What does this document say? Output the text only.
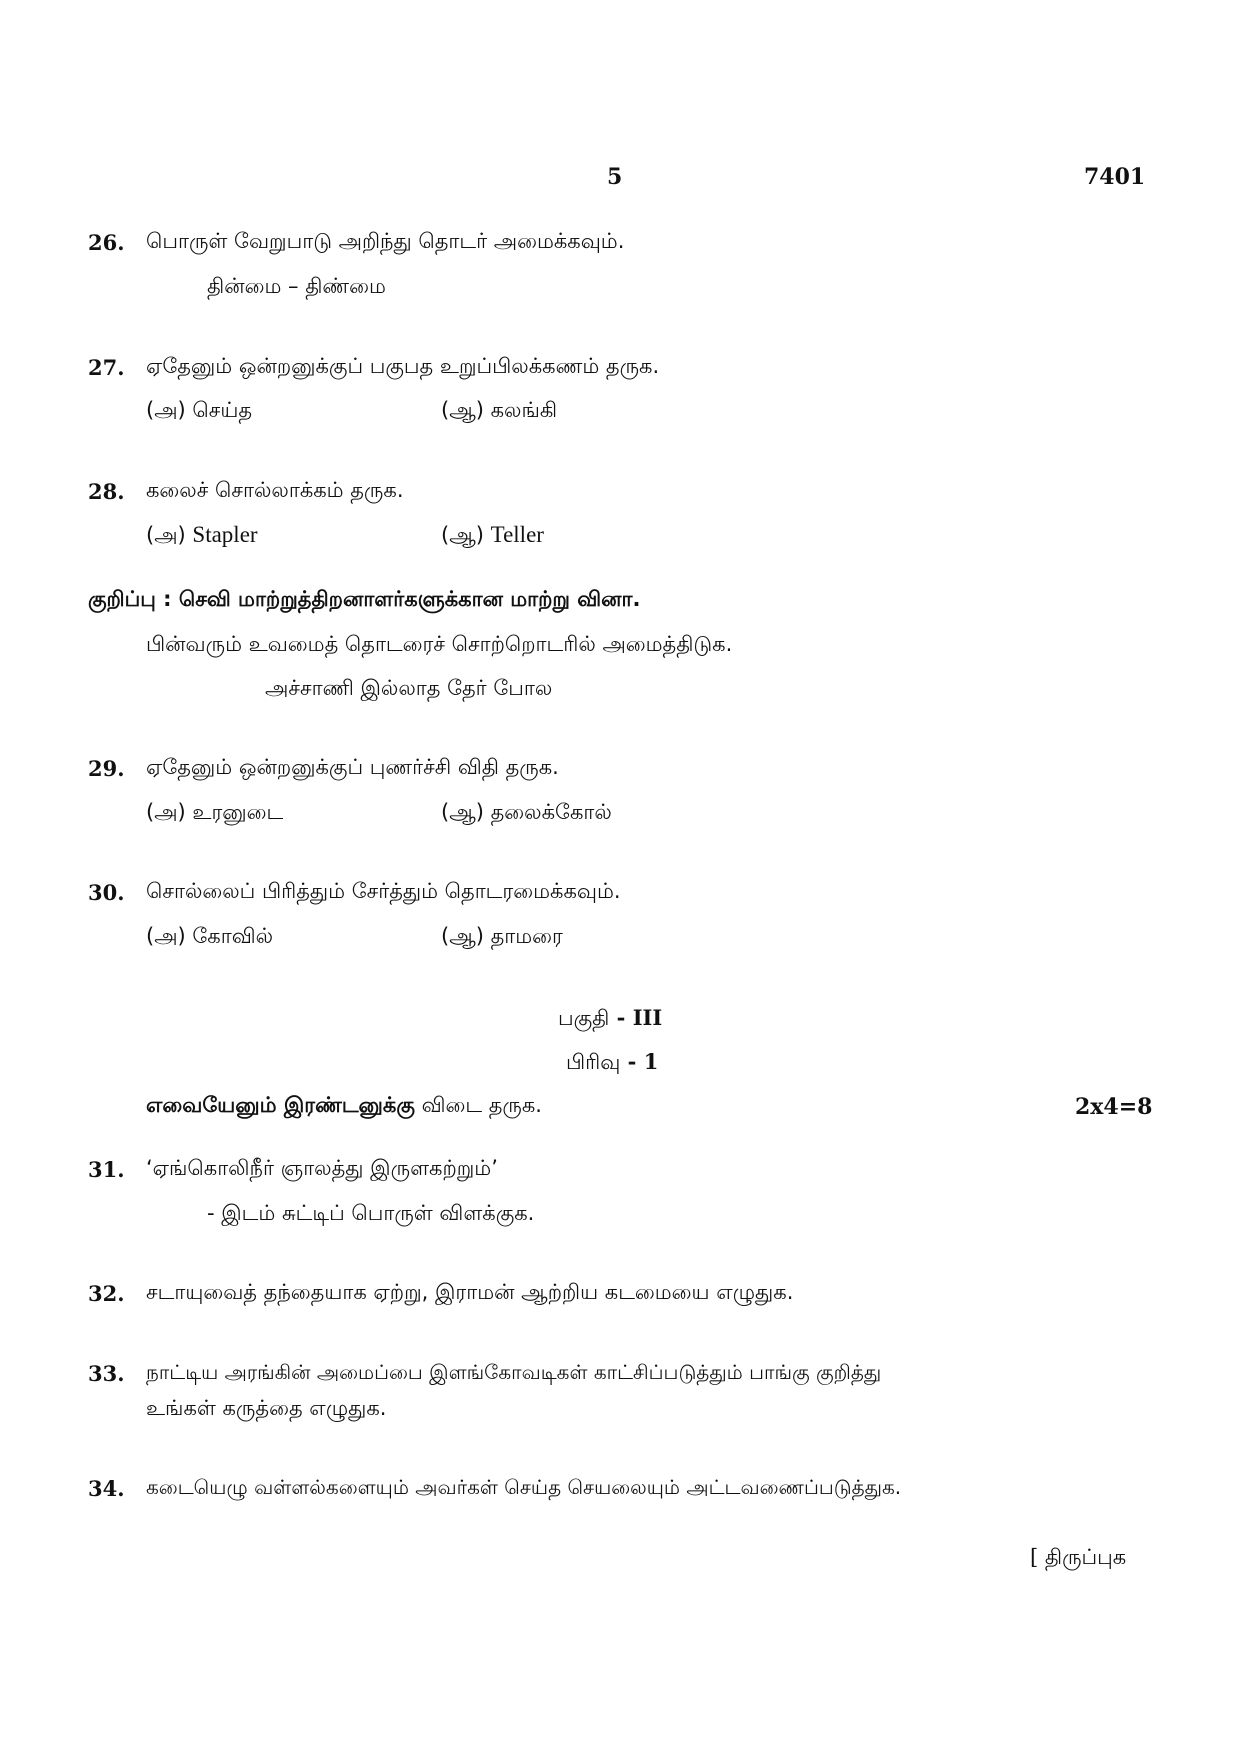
5	7401
26. பொருள் வேறுபாடு அறிந்து தொடர் அமைக்கவும்.
தின்மை – திண்மை
27. ஏதேனும் ஒன்றனுக்குப் பகுபத உறுப்பிலக்கணம் தருக.
(அ) செய்த	(ஆ) கலங்கி
28. கலைச் சொல்லாக்கம் தருக.
(அ) Stapler	(ஆ) Teller
குறிப்பு : செவி மாற்றுத்திறனாளர்களுக்கான மாற்று வினா.
பின்வரும் உவமைத் தொடரைச் சொற்றொடரில் அமைத்திடுக.
அச்சாணி இல்லாத தேர் போல
29. ஏதேனும் ஒன்றனுக்குப் புணர்ச்சி விதி தருக.
(அ) உரனுடை	(ஆ) தலைக்கோல்
30. சொல்லைப் பிரித்தும் சேர்த்தும் தொடரமைக்கவும்.
(அ) கோவில்	(ஆ) தாமரை
பகுதி - III
பிரிவு - 1
எவையேனும் இரண்டனுக்கு விடை தருக.	2x4=8
31. ‘ஏங்கொலிநீர் ஞாலத்து இருளகற்றும்’
- இடம் சுட்டிப் பொருள் விளக்குக.
32. சடாயுவைத் தந்தையாக ஏற்று, இராமன் ஆற்றிய கடமையை எழுதுக.
33. நாட்டிய அரங்கின் அமைப்பை இளங்கோவடிகள் காட்சிப்படுத்தும் பாங்கு குறித்து
உங்கள் கருத்தை எழுதுக.
34. கடையெழு வள்ளல்களையும் அவர்கள் செய்த செயலையும் அட்டவணைப்படுத்துக.
[ திருப்புக
